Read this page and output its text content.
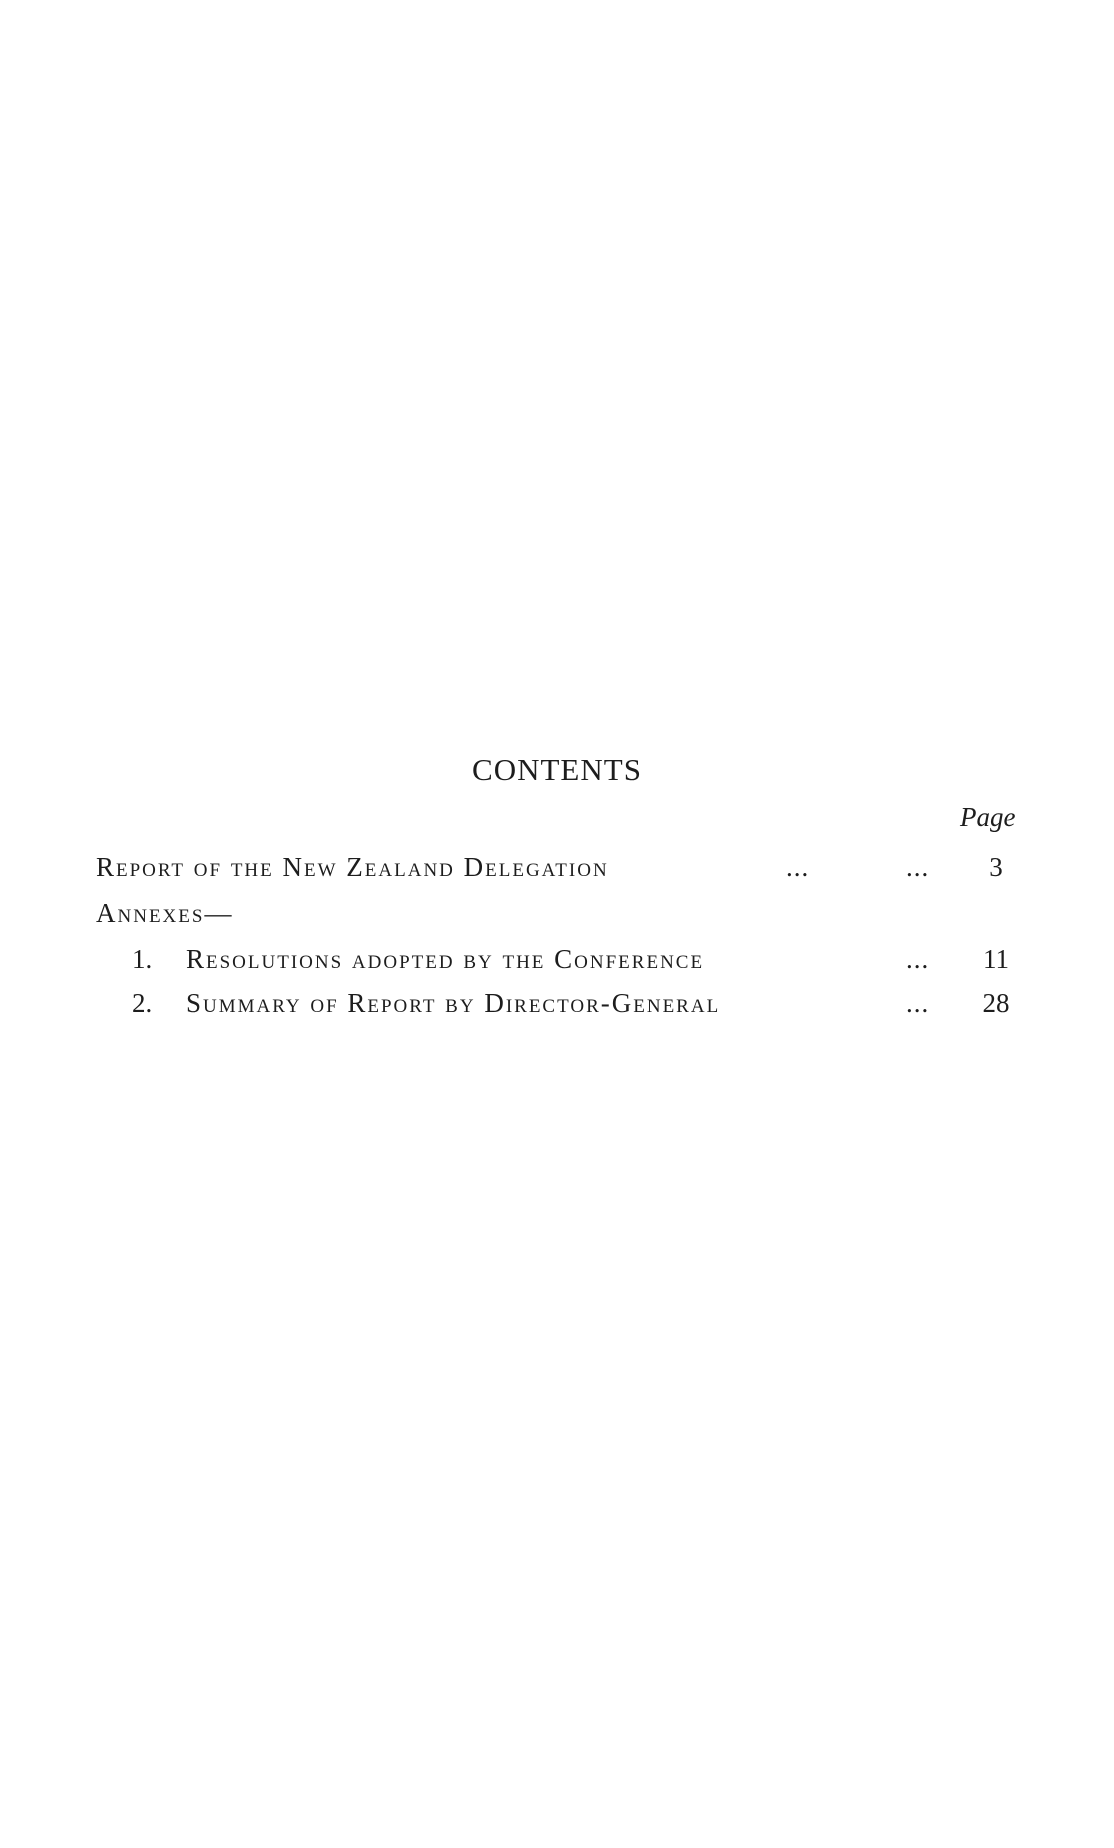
CONTENTS
Page
Report of the New Zealand Delegation	...	...	3
Annexes—
1. Resolutions adopted by the Conference	... 11
2. Summary of Report by Director-General	... 28
